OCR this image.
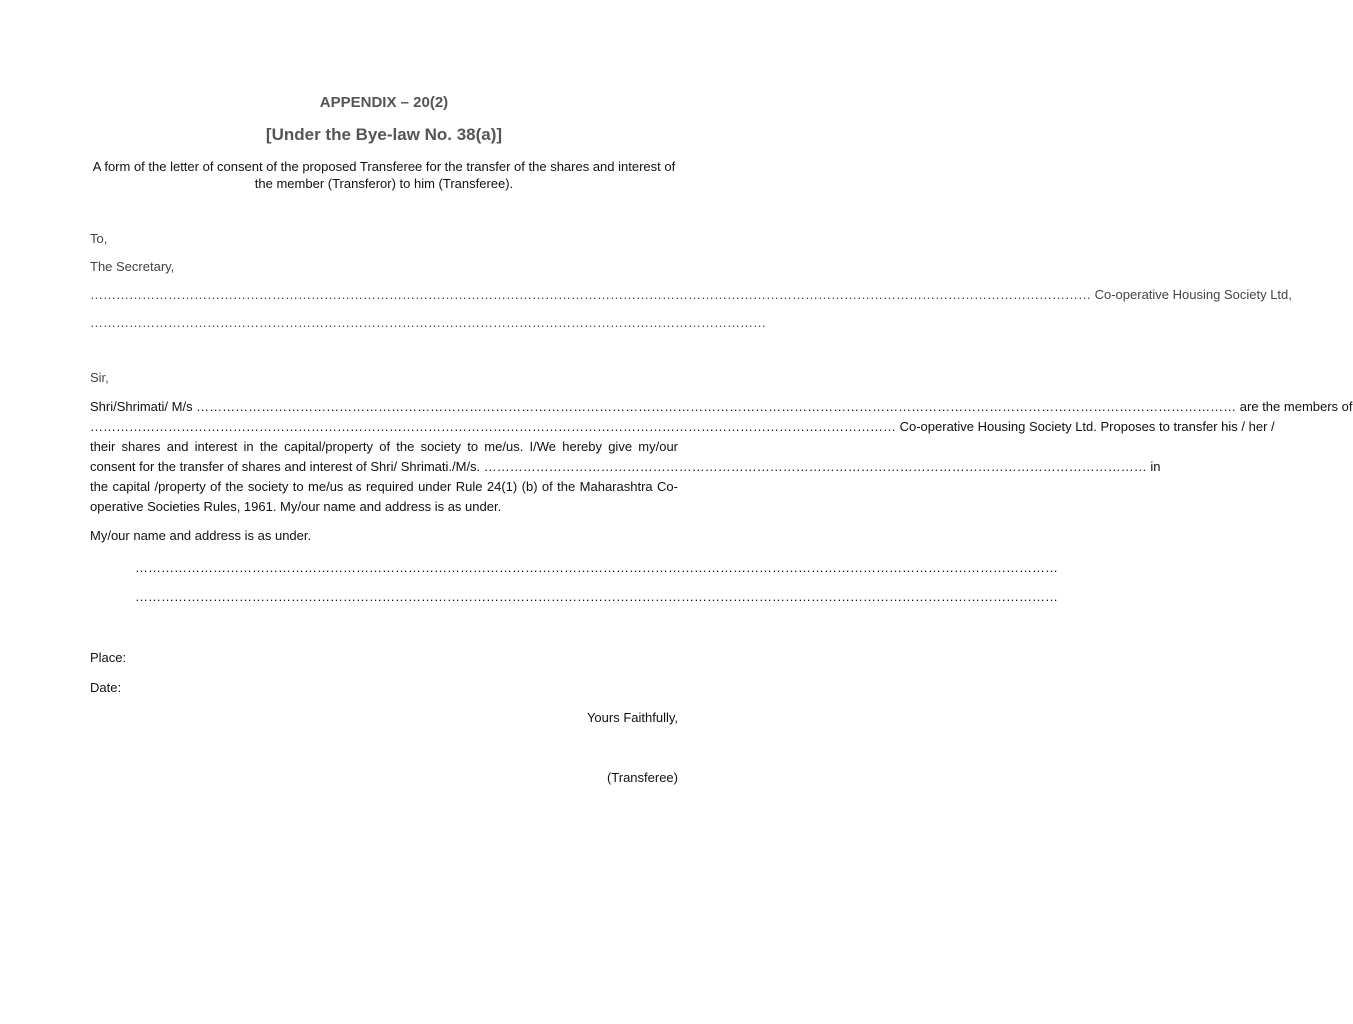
APPENDIX – 20(2)
[Under the Bye-law No. 38(a)]
A form of the letter of consent of the proposed Transferee for the transfer of the shares and interest of
the member (Transferor) to him (Transferee).
To,
The Secretary,
…………………………………………………………………………………………………………………………………………………………………………………………………………… Co-operative Housing Society Ltd,
…………………………………………………………………………………………………………………………………………
Sir,
Shri/Shrimati/ M/s …………………………………………………………………………………………………………………………………………………………………………………………………………………… are the members of
…………………………………………………………………………………………………………………………………………………………………… Co-operative Housing Society Ltd. Proposes to transfer his / her /
their shares and interest in the capital/property of the society to me/us. I/We hereby give my/our
consent for the transfer of shares and interest of Shri/ Shrimati./M/s. ……………………………………………………………………………………………………………………………………… in
the capital /property of the society to me/us as required under Rule 24(1) (b) of the Maharashtra Co-
operative Societies Rules, 1961. My/our name and address is as under.
My/our name and address is as under.
……………………………………………………………………………………………………………………………………………………………………………………………
……………………………………………………………………………………………………………………………………………………………………………………………
Place:
Date:
Yours Faithfully,
(Transferee)
